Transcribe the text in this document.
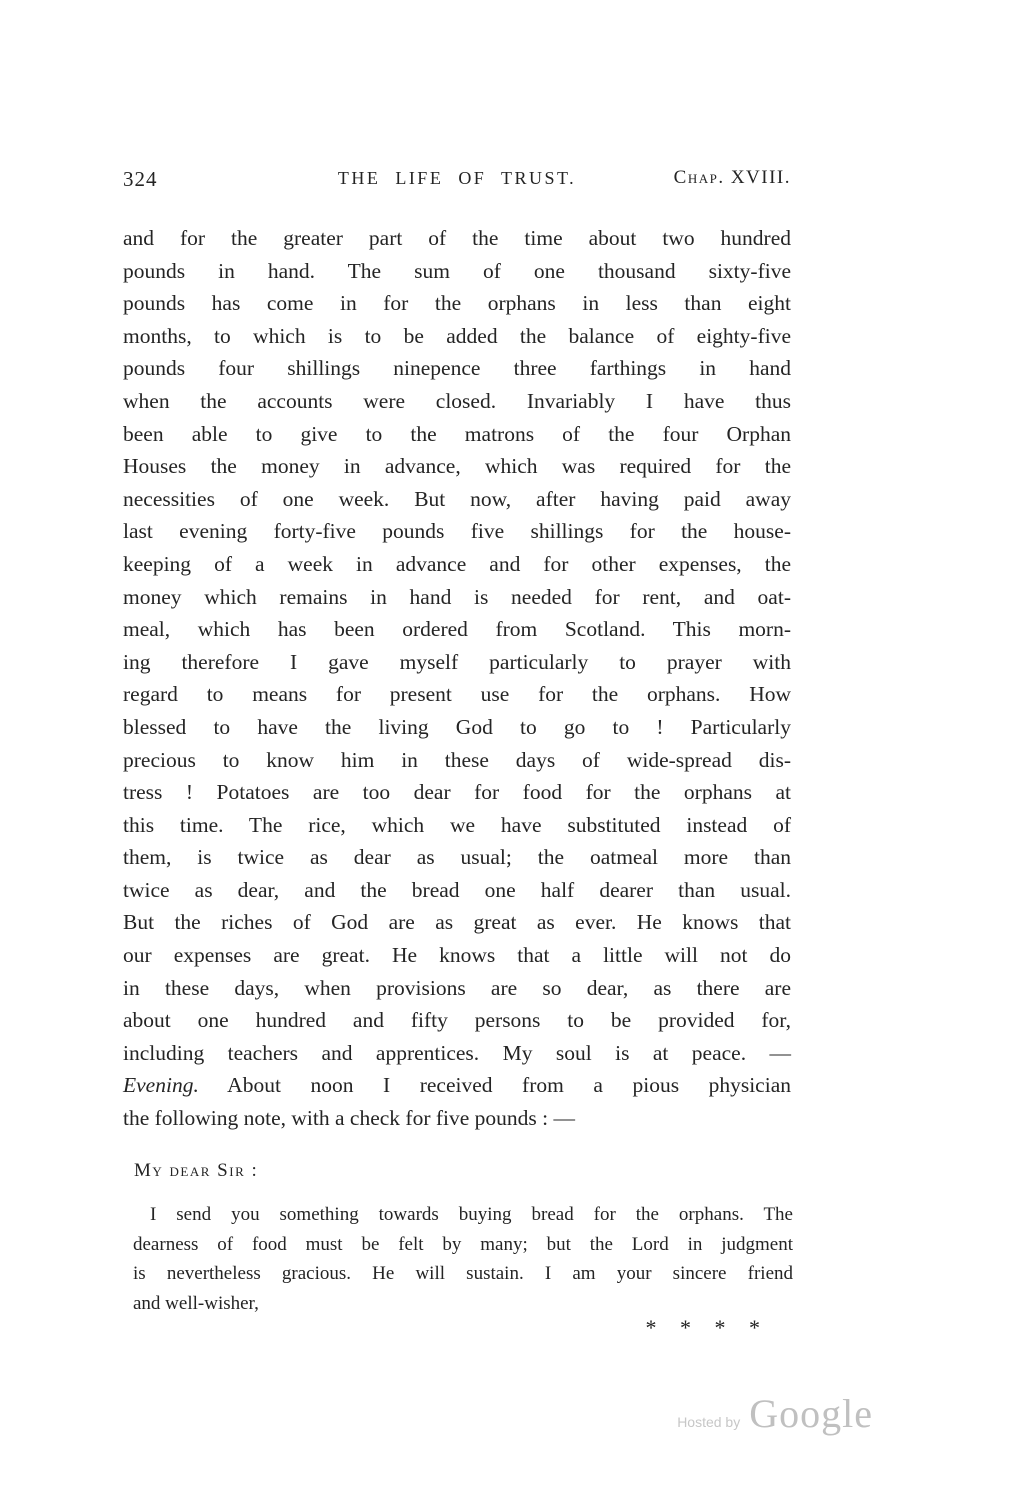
324	THE LIFE OF TRUST.	Chap. XVIII.
and for the greater part of the time about two hundred
pounds in hand. The sum of one thousand sixty-five
pounds has come in for the orphans in less than eight
months, to which is to be added the balance of eighty-five
pounds four shillings ninepence three farthings in hand
when the accounts were closed. Invariably I have thus
been able to give to the matrons of the four Orphan
Houses the money in advance, which was required for the
necessities of one week. But now, after having paid away
last evening forty-five pounds five shillings for the house-
keeping of a week in advance and for other expenses, the
money which remains in hand is needed for rent, and oat-
meal, which has been ordered from Scotland. This morn-
ing therefore I gave myself particularly to prayer with
regard to means for present use for the orphans. How
blessed to have the living God to go to ! Particularly
precious to know him in these days of wide-spread dis-
tress ! Potatoes are too dear for food for the orphans at
this time. The rice, which we have substituted instead of
them, is twice as dear as usual; the oatmeal more than
twice as dear, and the bread one half dearer than usual.
But the riches of God are as great as ever. He knows that
our expenses are great. He knows that a little will not do
in these days, when provisions are so dear, as there are
about one hundred and fifty persons to be provided for,
including teachers and apprentices. My soul is at peace. —
Evening. About noon I received from a pious physician
the following note, with a check for five pounds : —
My dear Sir :
I send you something towards buying bread for the orphans. The
dearness of food must be felt by many; but the Lord in judgment
is nevertheless gracious. He will sustain. I am your sincere friend
and well-wisher,
* * * *
Hosted by Google
